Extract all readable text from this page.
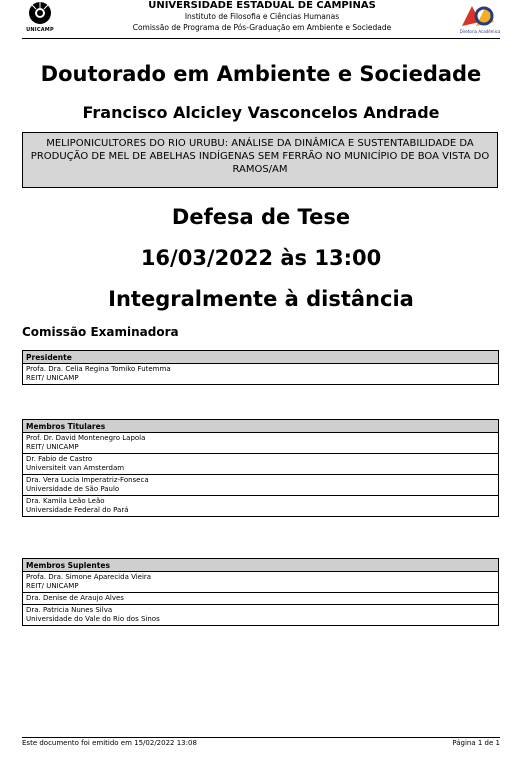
UNICAMP
UNIVERSIDADE ESTADUAL DE CAMPINAS
Instituto de Filosofia e Ciências Humanas
Comissão de Programa de Pós-Graduação em Ambiente e Sociedade	Diretoria Acadêmica
Doutorado em Ambiente e Sociedade
Francisco Alcicley Vasconcelos Andrade
MELIPONICULTORES DO RIO URUBU: ANÁLISE DA DINÂMICA E SUSTENTABILIDADE DA PRODUÇÃO DE MEL DE ABELHAS INDÍGENAS SEM FERRÃO NO MUNICÍPIO DE BOA VISTA DO RAMOS/AM
Defesa de Tese
16/03/2022 às 13:00
Integralmente à distância
Comissão Examinadora
Presidente

Profa. Dra. Celia Regina Tomiko Futemma
REIT/ UNICAMP
Membros Titulares

Prof. Dr. David Montenegro Lapola
REIT/ UNICAMP

Dr. Fabio de Castro
Universiteit van Amsterdam

Dra. Vera Lucia Imperatriz-Fonseca
Universidade de São Paulo

Dra. Kamila Leão Leão
Universidade Federal do Pará
Membros Suplentes

Profa. Dra. Simone Aparecida Vieira
REIT/ UNICAMP

Dra. Denise de Araujo Alves

Dra. Patricia Nunes Silva
Universidade do Vale do Rio dos Sinos
Este documento foi emitido em 15/02/2022 13:08	Página 1 de 1
